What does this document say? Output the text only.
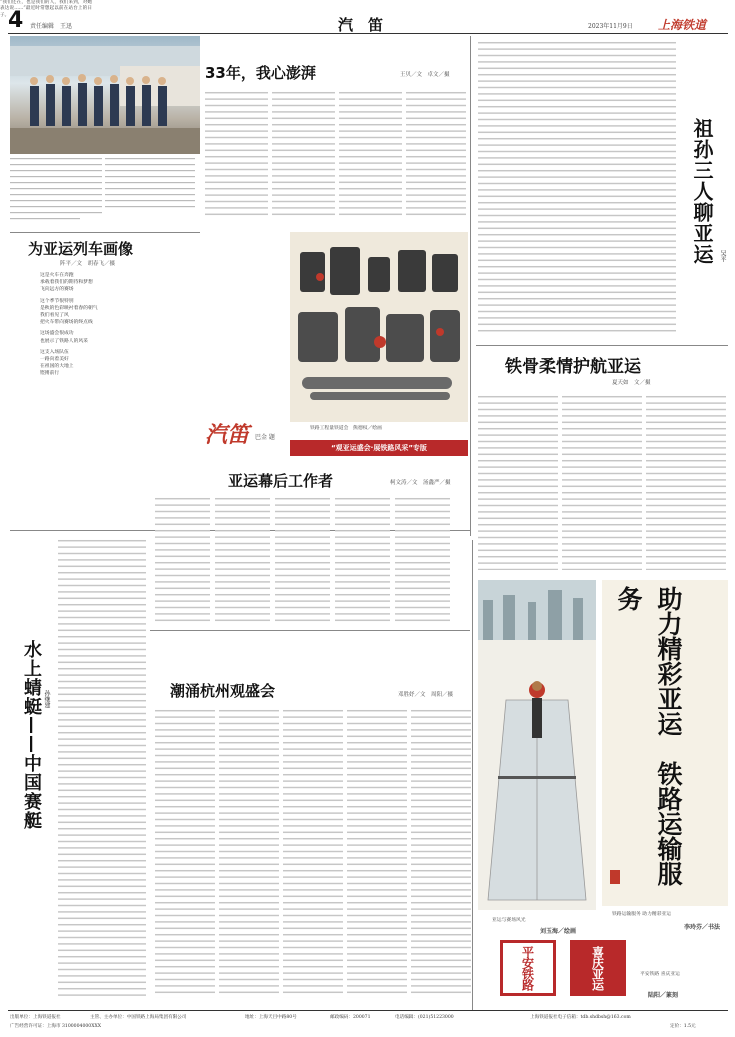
4 责任编辑　王迅	汽　笛	2023年11月9日 上海铁道
33年，我心澎湃	王贝／文　卓文／摄
“我们还在，也是我们的人，我们来到，对她表达说……”最近时常想起以前在站台上的日子。
为亚运列车画像
阵平／文　胡春飞／摄
这是火车在奔跑
承载着我们的期待和梦想
飞向远方的赛场
这个季节很特别
是秋的色彩映衬着春的朝气
我们看见了风
把火车带向赛场的终点线
这场盛会很成功
也展示了铁路人的风采
这支入场队伍
一路向着美好
在祖国的大地上
铿锵前行
水上蜻蜓——中国赛艇 孙继建
汽笛 巴金 题
“观亚运盛会·展铁路风采”专版
铁路工程量铁道会　熊德权／绘画
亚运幕后工作者	柯文涛／文　汤鑫严／摄
潮涌杭州观盛会	邓胜妤／文　周阳／摄
祖孙三人聊亚运 吴平
铁骨柔情护航亚运
夏天如　文／摄
亚运与赛场风光
刘玉海／绘画
助力精彩亚运　铁路运输服务
铁路运输服务 助力精彩亚运
李玲芬／书法
平安铁路	喜庆亚运	平安铁路 喜庆亚运
陆阳／篆刻
出版单位：上海铁道报社	主管、主办单位：中国铁路上海局集团有限公司	地址：上海天目中路80号	邮政编码：200071	电话编辑：(021)51223000
广告经营许可证：上海市 3100004000XXX
上海铁道报社电子信箱：tdb.shdbsh@163.com
定价：1.5元
